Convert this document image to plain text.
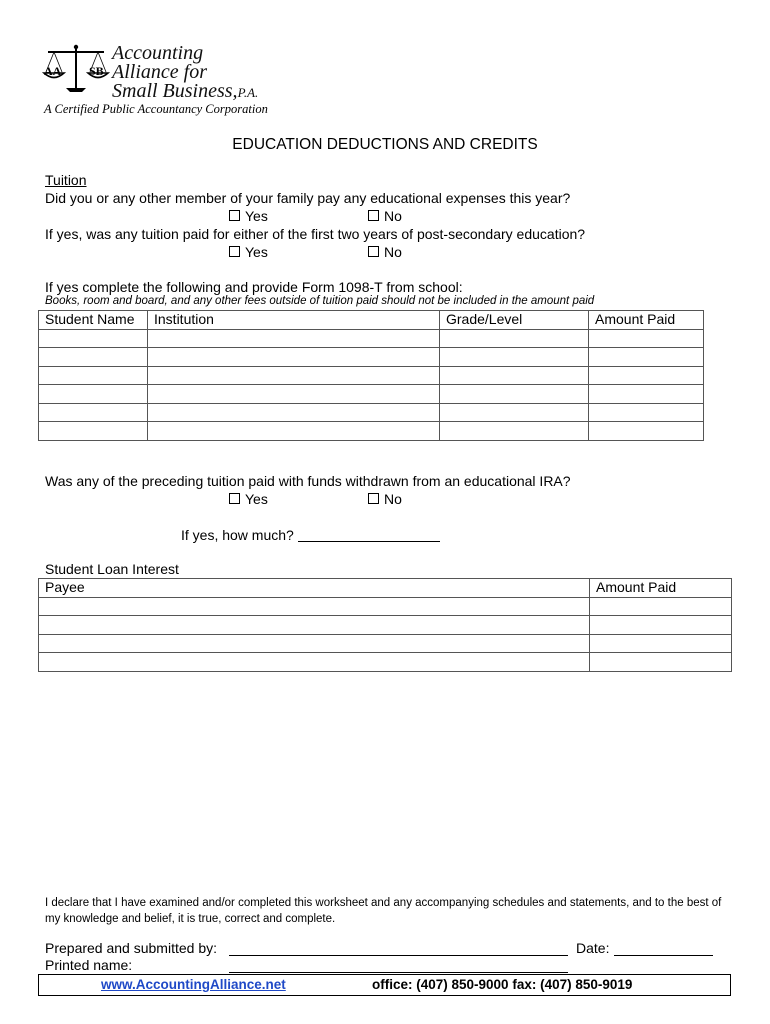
AA SB
Accounting
Alliance for
Small Business,P.A.
A Certified Public Accountancy Corporation
EDUCATION DEDUCTIONS AND CREDITS
Tuition
Did you or any other member of your family pay any educational expenses this year?
Yes	No
If yes, was any tuition paid for either of the first two years of post-secondary education?
Yes	No
If yes complete the following and provide Form 1098-T from school:
Books, room and board, and any other fees outside of tuition paid should not be included in the amount paid
Student Name	Institution	Grade/Level	Amount Paid

Was any of the preceding tuition paid with funds withdrawn from an educational IRA?
Yes	No
If yes, how much?
Student Loan Interest
Payee	Amount Paid

I declare that I have examined and/or completed this worksheet and any accompanying schedules and statements, and to the best of my knowledge and belief, it is true, correct and complete.
Prepared and submitted by:	Date:
Printed name:
www.AccountingAlliance.net	office: (407) 850-9000 fax: (407) 850-9019
